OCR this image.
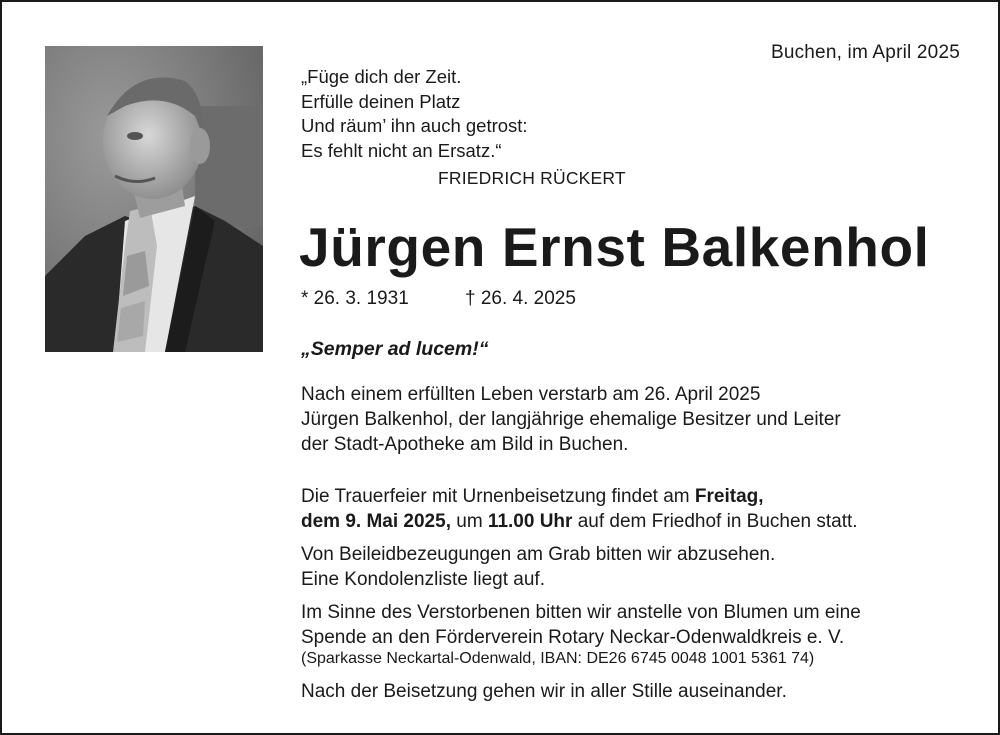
Buchen, im April 2025
„Füge dich der Zeit.
Erfülle deinen Platz
Und räum’ ihn auch getrost:
Es fehlt nicht an Ersatz.“
FRIEDRICH RÜCKERT
Jürgen Ernst Balkenhol
* 26. 3. 1931	† 26. 4. 2025
„Semper ad lucem!“
Nach einem erfüllten Leben verstarb am 26. April 2025
Jürgen Balkenhol, der langjährige ehemalige Besitzer und Leiter
der Stadt-Apotheke am Bild in Buchen.
Die Trauerfeier mit Urnenbeisetzung findet am Freitag,
dem 9. Mai 2025, um 11.00 Uhr auf dem Friedhof in Buchen statt.
Von Beileidbezeugungen am Grab bitten wir abzusehen.
Eine Kondolenzliste liegt auf.
Im Sinne des Verstorbenen bitten wir anstelle von Blumen um eine
Spende an den Förderverein Rotary Neckar-Odenwaldkreis e. V.
(Sparkasse Neckartal-Odenwald, IBAN: DE26 6745 0048 1001 5361 74)
Nach der Beisetzung gehen wir in aller Stille auseinander.
